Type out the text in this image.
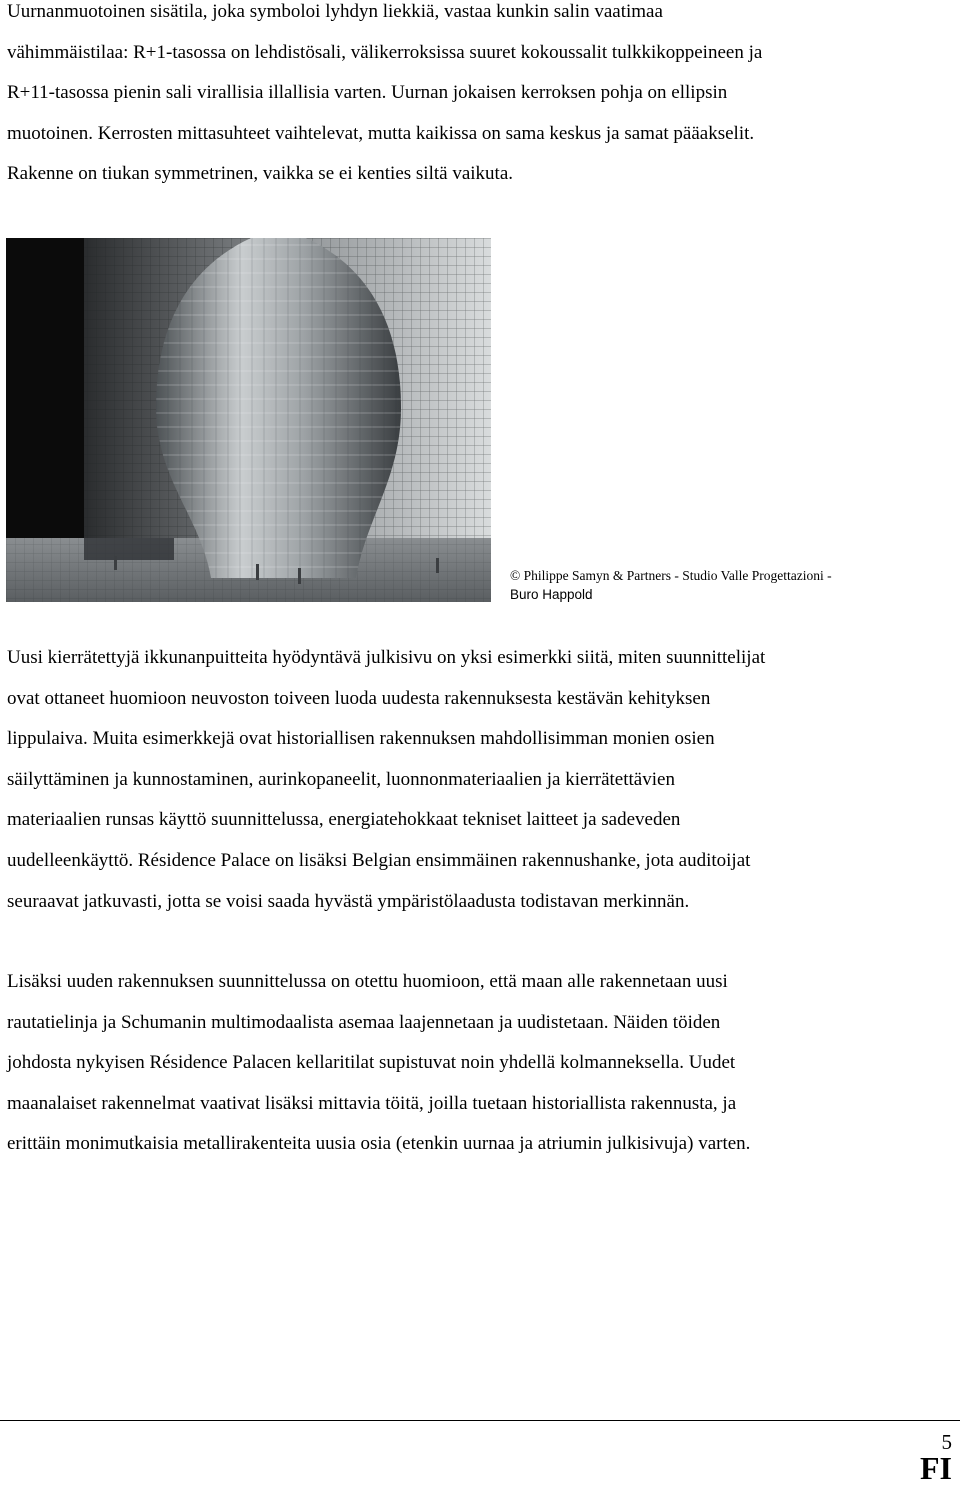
Uurnanmuotoinen sisätila, joka symboloi lyhdyn liekkiä, vastaa kunkin salin vaatimaa
vähimmäistilaa: R+1-tasossa on lehdistösali, välikerroksissa suuret kokoussalit tulkkikoppeineen ja
R+11-tasossa pienin sali virallisia illallisia varten. Uurnan jokaisen kerroksen pohja on ellipsin
muotoinen. Kerrosten mittasuhteet vaihtelevat, mutta kaikissa on sama keskus ja samat pääakselit.
Rakenne on tiukan symmetrinen, vaikka se ei kenties siltä vaikuta.
© Philippe Samyn & Partners - Studio Valle Progettazioni -
Buro Happold
Uusi kierrätettyjä ikkunanpuitteita hyödyntävä julkisivu on yksi esimerkki siitä, miten suunnittelijat
ovat ottaneet huomioon neuvoston toiveen luoda uudesta rakennuksesta kestävän kehityksen
lippulaiva. Muita esimerkkejä ovat historiallisen rakennuksen mahdollisimman monien osien
säilyttäminen ja kunnostaminen, aurinkopaneelit, luonnonmateriaalien ja kierrätettävien
materiaalien runsas käyttö suunnittelussa, energiatehokkaat tekniset laitteet ja sadeveden
uudelleenkäyttö. Résidence Palace on lisäksi Belgian ensimmäinen rakennushanke, jota auditoijat
seuraavat jatkuvasti, jotta se voisi saada hyvästä ympäristölaadusta todistavan merkinnän.
Lisäksi uuden rakennuksen suunnittelussa on otettu huomioon, että maan alle rakennetaan uusi
rautatielinja ja Schumanin multimodaalista asemaa laajennetaan ja uudistetaan. Näiden töiden
johdosta nykyisen Résidence Palacen kellaritilat supistuvat noin yhdellä kolmanneksella. Uudet
maanalaiset rakennelmat vaativat lisäksi mittavia töitä, joilla tuetaan historiallista rakennusta, ja
erittäin monimutkaisia metallirakenteita uusia osia (etenkin uurnaa ja atriumin julkisivuja) varten.
5
FI
